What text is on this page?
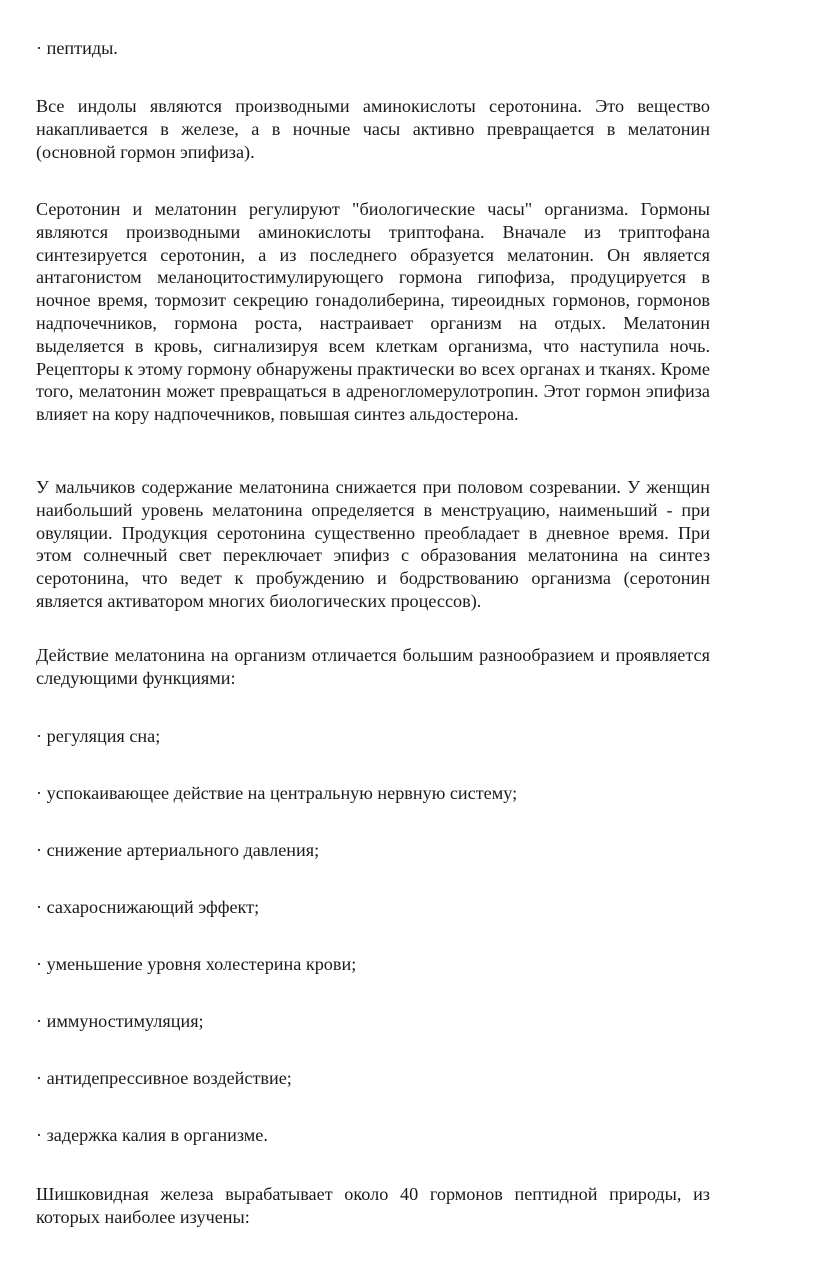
· пептиды.

Все индолы являются производными аминокислоты серотонина. Это вещество накапливается в железе, а в ночные часы активно превращается в мелатонин (основной гормон эпифиза).

Серотонин и мелатонин регулируют "биологические часы" организма. Гормоны являются производными аминокислоты триптофана. Вначале из триптофана синтезируется серотонин, а из последнего образуется мелатонин. Он является антагонистом меланоцитостимулирующего гормона гипофиза, продуцируется в ночное время, тормозит секрецию гонадолиберина, тиреоидных гормонов, гормонов надпочечников, гормона роста, настраивает организм на отдых. Мелатонин выделяется в кровь, сигнализируя всем клеткам организма, что наступила ночь. Рецепторы к этому гормону обнаружены практически во всех органах и тканях. Кроме того, мелатонин может превращаться в адреногломерулотропин. Этот гормон эпифиза влияет на кору надпочечников, повышая синтез альдостерона.

У мальчиков содержание мелатонина снижается при половом созревании. У женщин наибольший уровень мелатонина определяется в менструацию, наименьший - при овуляции. Продукция серотонина существенно преобладает в дневное время. При этом солнечный свет переключает эпифиз с образования мелатонина на синтез серотонина, что ведет к пробуждению и бодрствованию организма (серотонин является активатором многих биологических процессов).

Действие мелатонина на организм отличается большим разнообразием и проявляется следующими функциями:

· регуляция сна;

· успокаивающее действие на центральную нервную систему;

· снижение артериального давления;

· сахароснижающий эффект;

· уменьшение уровня холестерина крови;

· иммуностимуляция;

· антидепрессивное воздействие;

· задержка калия в организме.

Шишковидная железа вырабатывает около 40 гормонов пептидной природы, из которых наиболее изучены:
